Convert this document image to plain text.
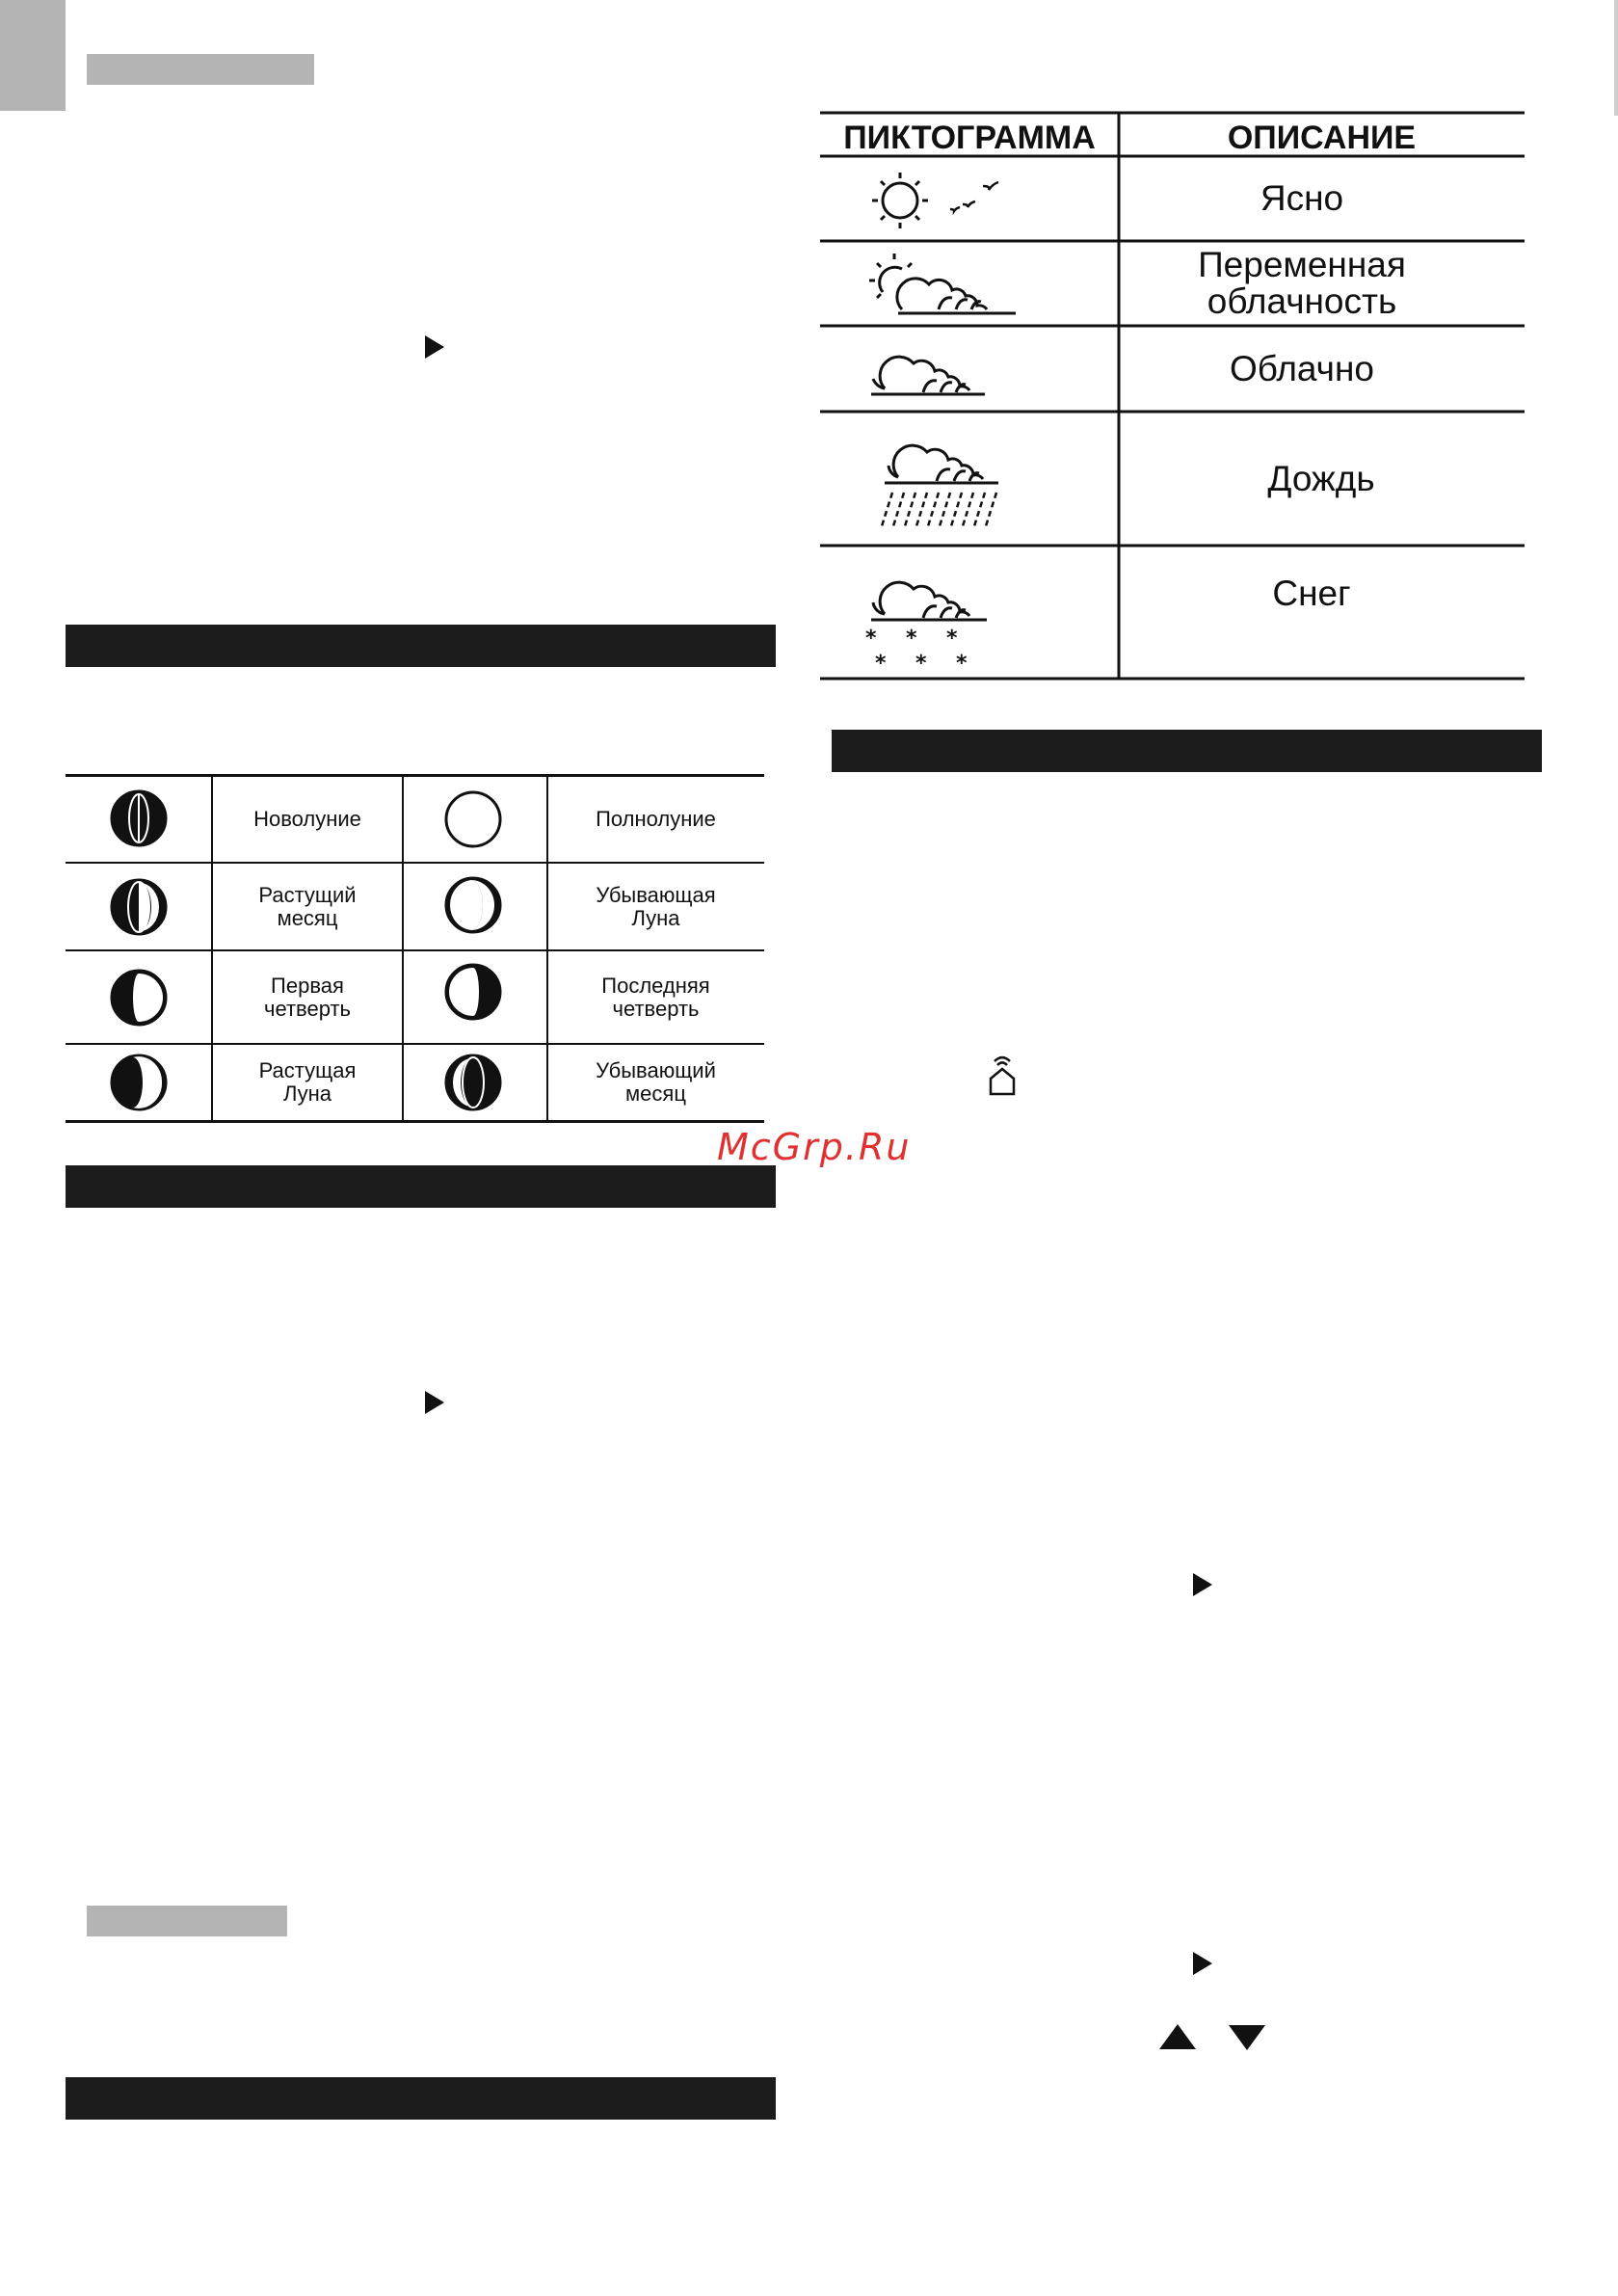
Новолуние	Полнолуние
Растущий
месяц
Убывающая
Луна
Первая
четверть
Последняя
четверть
Растущая
Луна
Убывающий
месяц
ПИКТОГРАММА	ОПИСАНИЕ
Ясно
Переменная
облачность
Облачно
Дождь
* * *
* * *
Снег
McGrp.Ru
